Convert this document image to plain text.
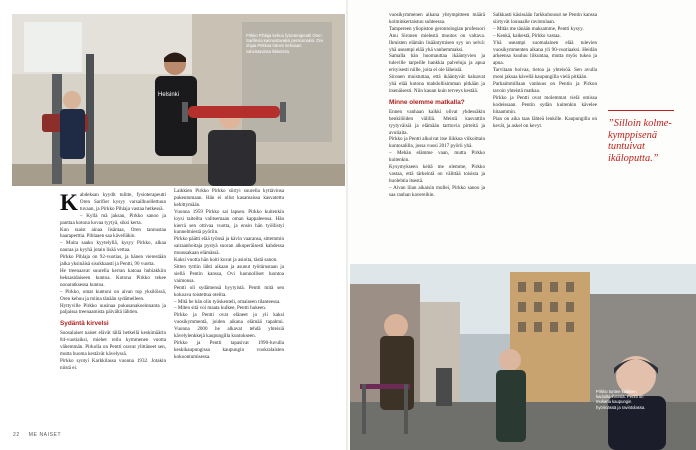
Helsinki
Pirkko Pihlaja kehuu fysioterapeutti Oren Sarifieria kannustavaksi persoonaksi. Ore ohjaa Pirkkoa hänen kehoaan vahvistavissa liikkeissä.

Kahdeksan kyydit tulitte, fysioterapeutti Oren Sarifier kysyy varsailhuollettuun tuvaan, ja Pirkko Pihlaja vastaa hetkessä.

– Kyllä mä jaksan, Pirkko sanoo ja panttaa kotona kovaa tyytyä, siksi kerta.

Kun raaist ainaa lisäntaa, Oren tannustaa haaraperttia. Pihlaaen saa kävelläkin.

– Muita saako kyytelyllä, kysyy Pirkko, alkaa nauraa ja kyyhä jotain lisää vettaa.

Pirkko Pihlaja on 92-vuotias, ja hänen vierestään jalka yksinäisä sisukkaasti ja Pentti, 90 vuotta.

He treenaavat suurella kerran katoaa hubiakkiin heksasidaiseen kuntoa. Kotona Pirkko tekee nooaratksessa kuntoa.

– Pirkko, omat kuntoni on aivan top yksilöissä, Oren kehuu ja miina tänään sydämelleen.

Hyttyville Pirkko uusinaa pukusanakoeinnanta ja paljaissa treenaamista päivältä lähtien.

Sydäntä kirvelsi

Suosalaiset naiset elävät tällä hetkellä keskimäärin 84-vuotiaiksi, miehet reilu kymmenen vuotta vähemmän. Pirkolla on Pentti oravat ylittäneet sen, mutta huoma kestävät kävelyssä.

Pirkko syntyi Karkkilassa vuonna 1932. Jotakin niistä ei.

Laikkien Pirkko Pirkko siirtyi suurella kyttävinsa pukeutumaan. Hän ei ollut kasamaissa kasvatettu kehittymään.

Vuonna 1959 Pirkko sai lapsen. Pirkko kuitenkin loysi taiteilta valitsemaan oman kappaleensa. Hän kierrä sen ottivaa vuotta, ja ensin hän työllistyi kunnelmiestä pyöriin.

Pirkko päätti elää työnsä ja kävin vaaransa, sittemmin sairaanhoitaja pystyä suoran alkuperäisesti kahdessa muussakaan elämässä.

Kaksi vuotta hän hoiti kuvat ja asioita, tästä sanon.

Sitten tyttiin lähti aikaan ja asunut työtärustaan ja siellä Pentin kanssa, Ovi luonnolliset luontoa vaimonsa.

Pentti oli sydämensä hyytyistä. Pentti mitä sen kokoava toistettua otelita.

– Mitä he hän olin työskenteli, omaiseen tilanteessa.

– Miten sitä voi maata kulkee, Pentti hukeen.

Pirkko ja Pentti ovat eläneet jo yli kaksi vuosikymmentä, joiden aikana elämää tapahtui. Vuonna 2000 he alkavat tehdä yhteisiä kävelylenkkejä kaupungilla kuntokseen.

Pirkko ja Pentti tapasivat 1990-luvulla keskikaupungissa kaupungin vuokralaisten kokoontumisessa.

22 ME NAISET

vuosikymmenen aikana yhtympitteen määrä kolminkertaistuu suhteessa.

Tampereen yliopiston gerontologian professori Anu Sironen mielestä muutos on valtava. Ihmisten elämän lisääntymisen syy on selvä: yhä useampi elää yhä vanhemmaksi.

Samalla hän huomauttaa ikääntyvien ja tuleville tarpeille hankkia palveluja ja apua erityisesti niille, joita ei ole läheisiä.

Sironen muistuttaa, että ikääntyvät haluavat yhä elää kotona mahdollisimman pitkään ja itsenäisesti. Niin kauan kuin terveys kestää.

Minne olemme matkalla?

Ennen vanhaan kaikki olivat yhdessäkin henkilöiden välillä. Meistä kasvattiin tyytyväisiä ja elämään tarttuvia pirteitä ja avuliaita.

Pirkko ja Pentti alkoivat itse liikkua viikoittain kuntosalilla, jossa vuosi 2017 pyörii yhä.

– Mehän elämme vaan, mutta Pirkko kuitenkin.

Kysymykseen keitä me olemme, Pirkko vastaa, että tärkeintä on välittää toisista ja huolehtia itsestä.

– Aivan liian aikaisin mullei, Pirkko sanoo ja saa rauhan kavereihin.

Salkkasti käsissään farkkuhousut ne Pentin kanssa siirtyvät lounaalle ravintolaan.

– Mitäs me tänään maksamme, Pentti kysyy.

– Kenkä, kaikestä, Pirkko vastaa.

Yhä useampi suomalainen elää tulevien vuosikymmenten aikana yli 90-vuotiaaksi. Heidän arkeensa kuuluu liikuntaa, mutta myös tukea ja apua.

Tarvitaan hoivaa, tietoa ja yhteisöä. Sen avulla moni jaksaa kävellä kaupungilla vielä pitkään.

Parhaimmillaan vanhuus on Pentin ja Pirkon tavoin yhteistä matkaa.

Pirkko ja Pentti ovat molemmat vielä omissa kodeissaan. Pentin sydän kuitenkin kävelee hitaammin.

Pian on aika taas lähteä lenkille. Kaupungilla on kevät, ja askel on kevyt.	”Silloin kolme-kymppisenä tuntuivat ikäloputta.”
Pirkko tuntee kaikkien kaduilta ihmisiä. Pentti on mukana kaupungin hyörinässä ja ravintolassa.
